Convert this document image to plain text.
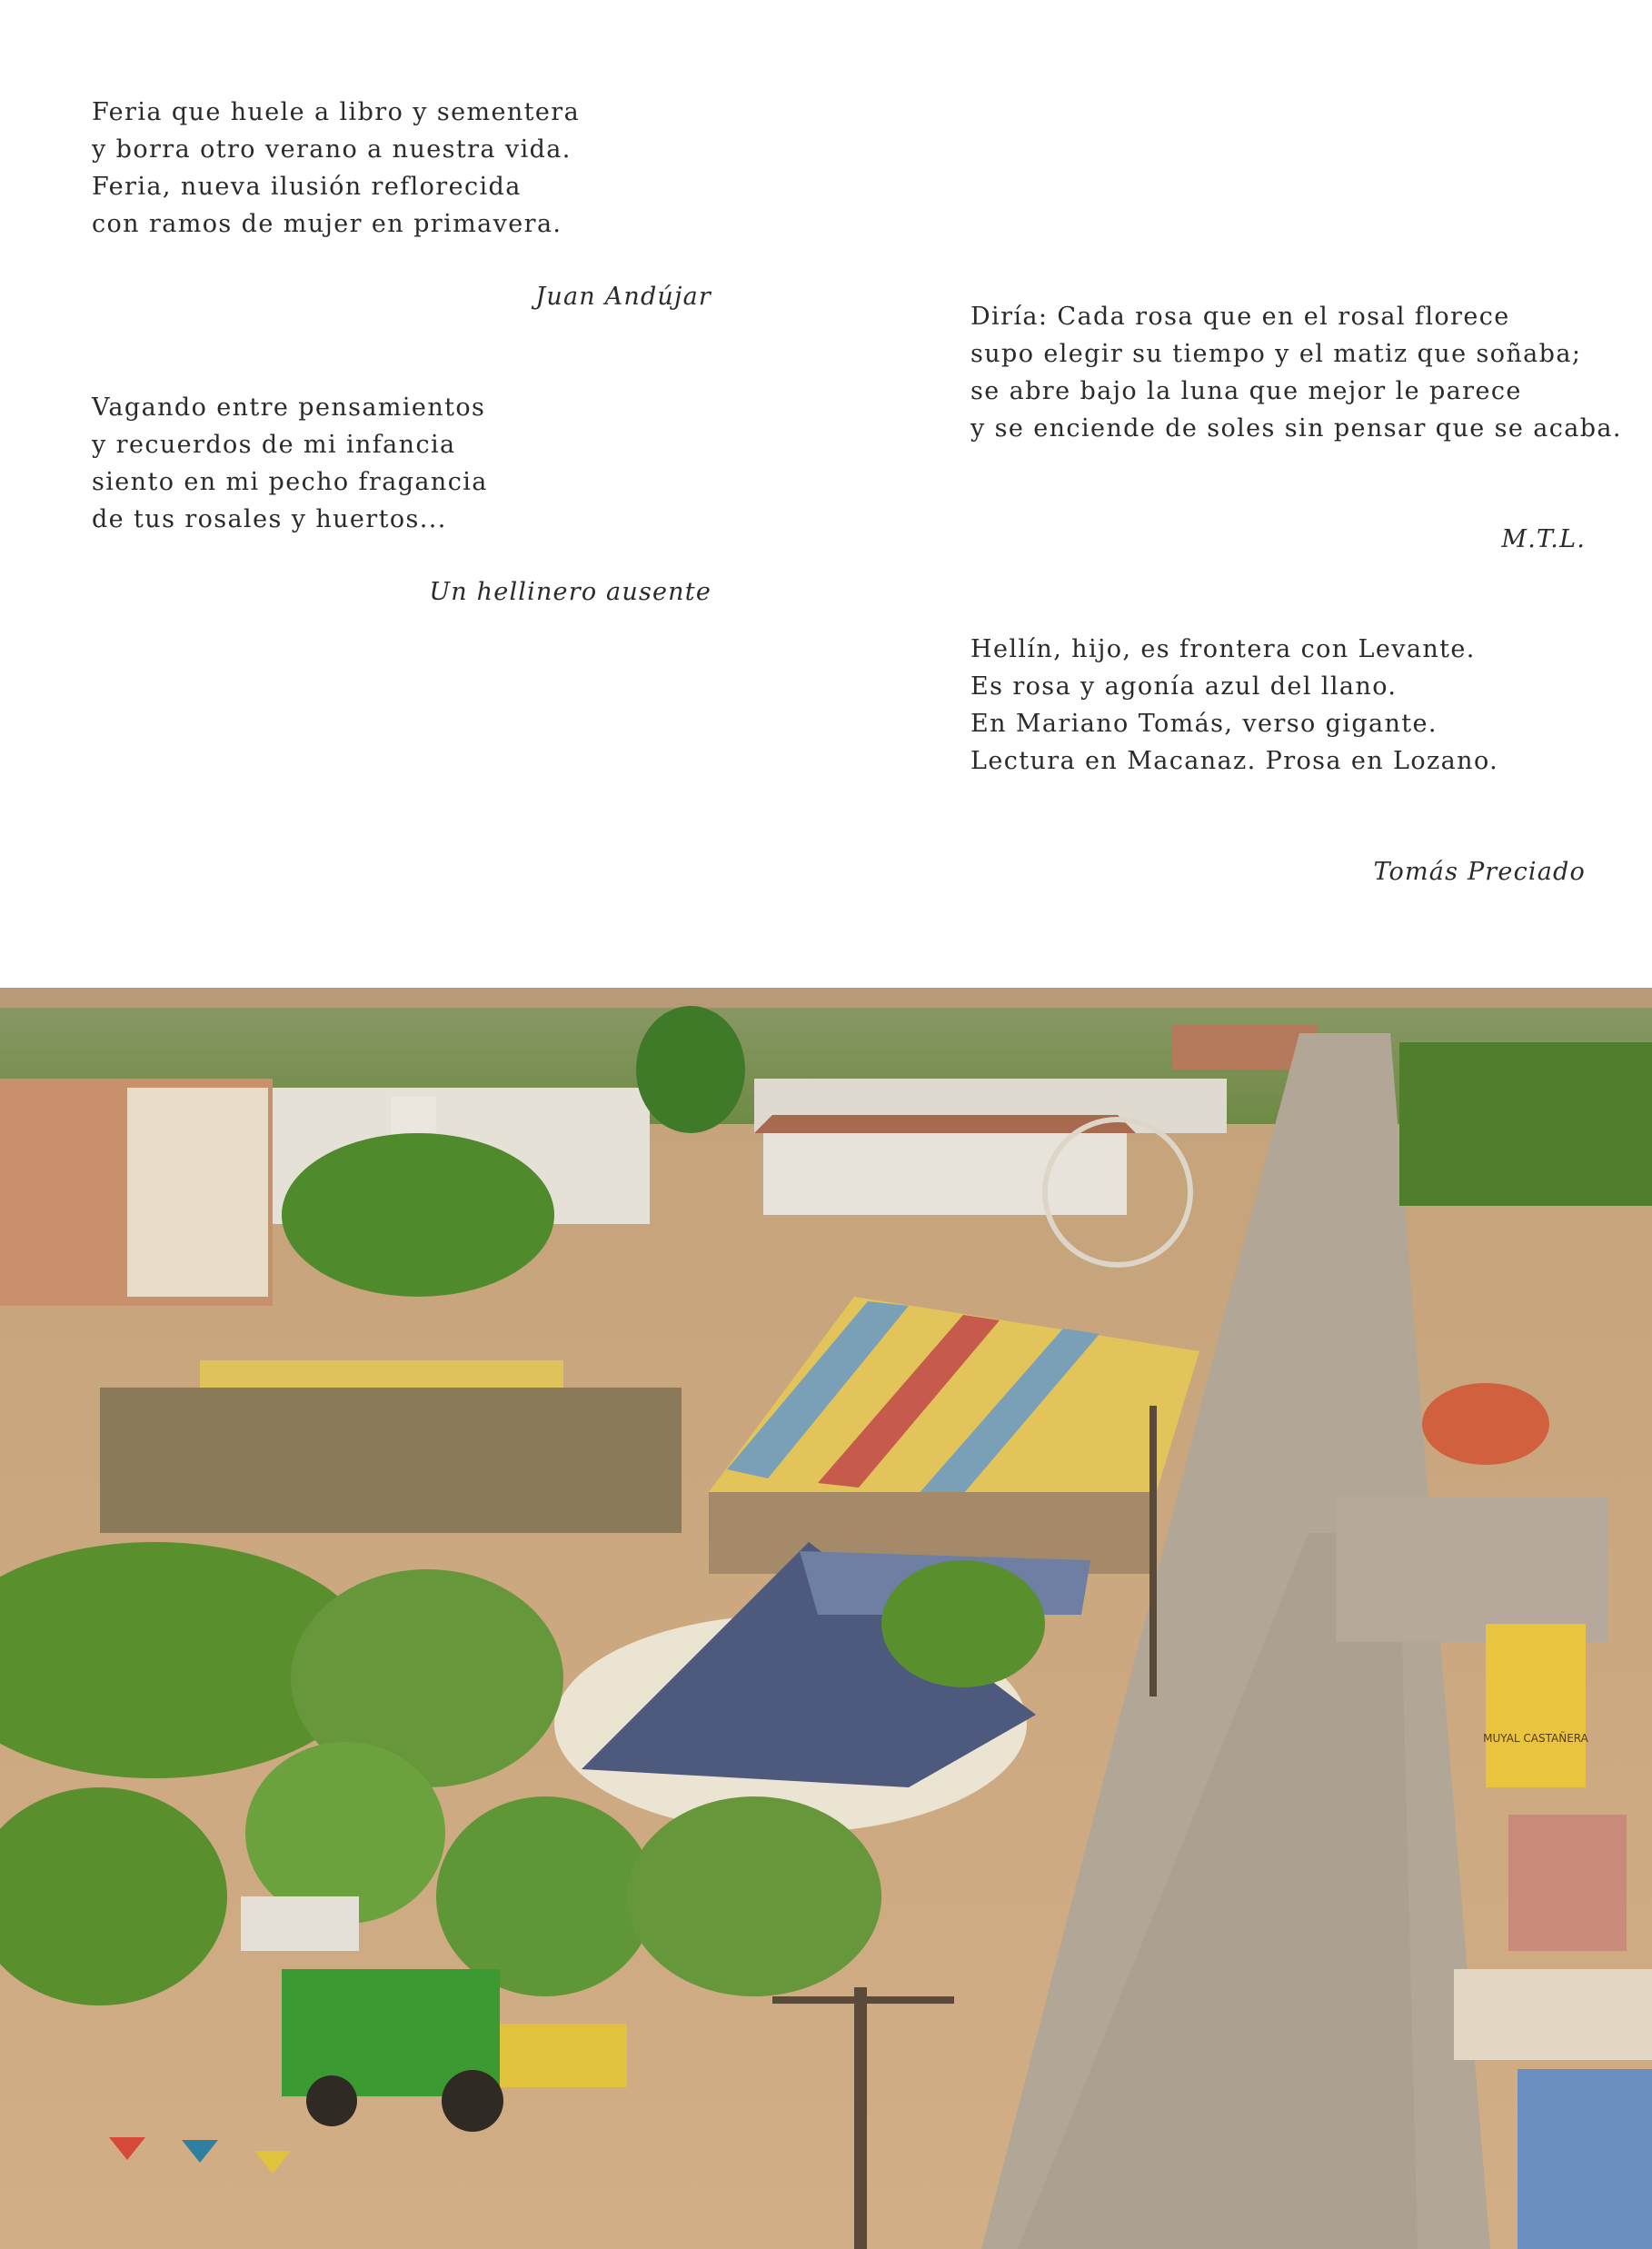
Feria que huele a libro y sementera
y borra otro verano a nuestra vida.
Feria, nueva ilusión reflorecida
con ramos de mujer en primavera.
Juan Andújar
Vagando entre pensamientos
y recuerdos de mi infancia
siento en mi pecho fragancia
de tus rosales y huertos...
Un hellinero ausente
Diría: Cada rosa que en el rosal florece
supo elegir su tiempo y el matiz que soñaba;
se abre bajo la luna que mejor le parece
y se enciende de soles sin pensar que se acaba.
M.T.L.
Hellín, hijo, es frontera con Levante.
Es rosa y agonía azul del llano.
En Mariano Tomás, verso gigante.
Lectura en Macanaz. Prosa en Lozano.
Tomás Preciado
MUYAL CASTAÑERA
